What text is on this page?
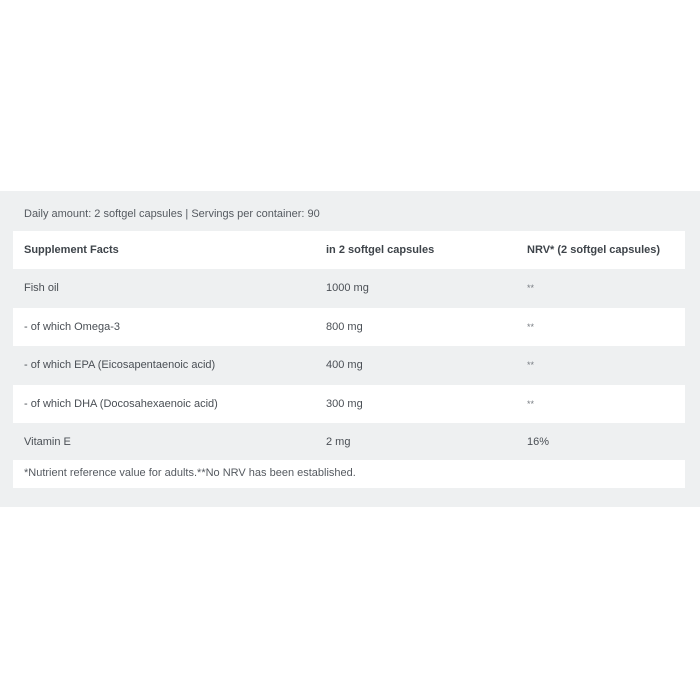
Daily amount: 2 softgel capsules | Servings per container: 90
Supplement Facts	in 2 softgel capsules	NRV* (2 softgel capsules)
Fish oil	1000 mg	**
- of which Omega-3	800 mg	**
- of which EPA (Eicosapentaenoic acid)	400 mg	**
- of which DHA (Docosahexaenoic acid)	300 mg	**
Vitamin E	2 mg	16%
*Nutrient reference value for adults.**No NRV has been established.
